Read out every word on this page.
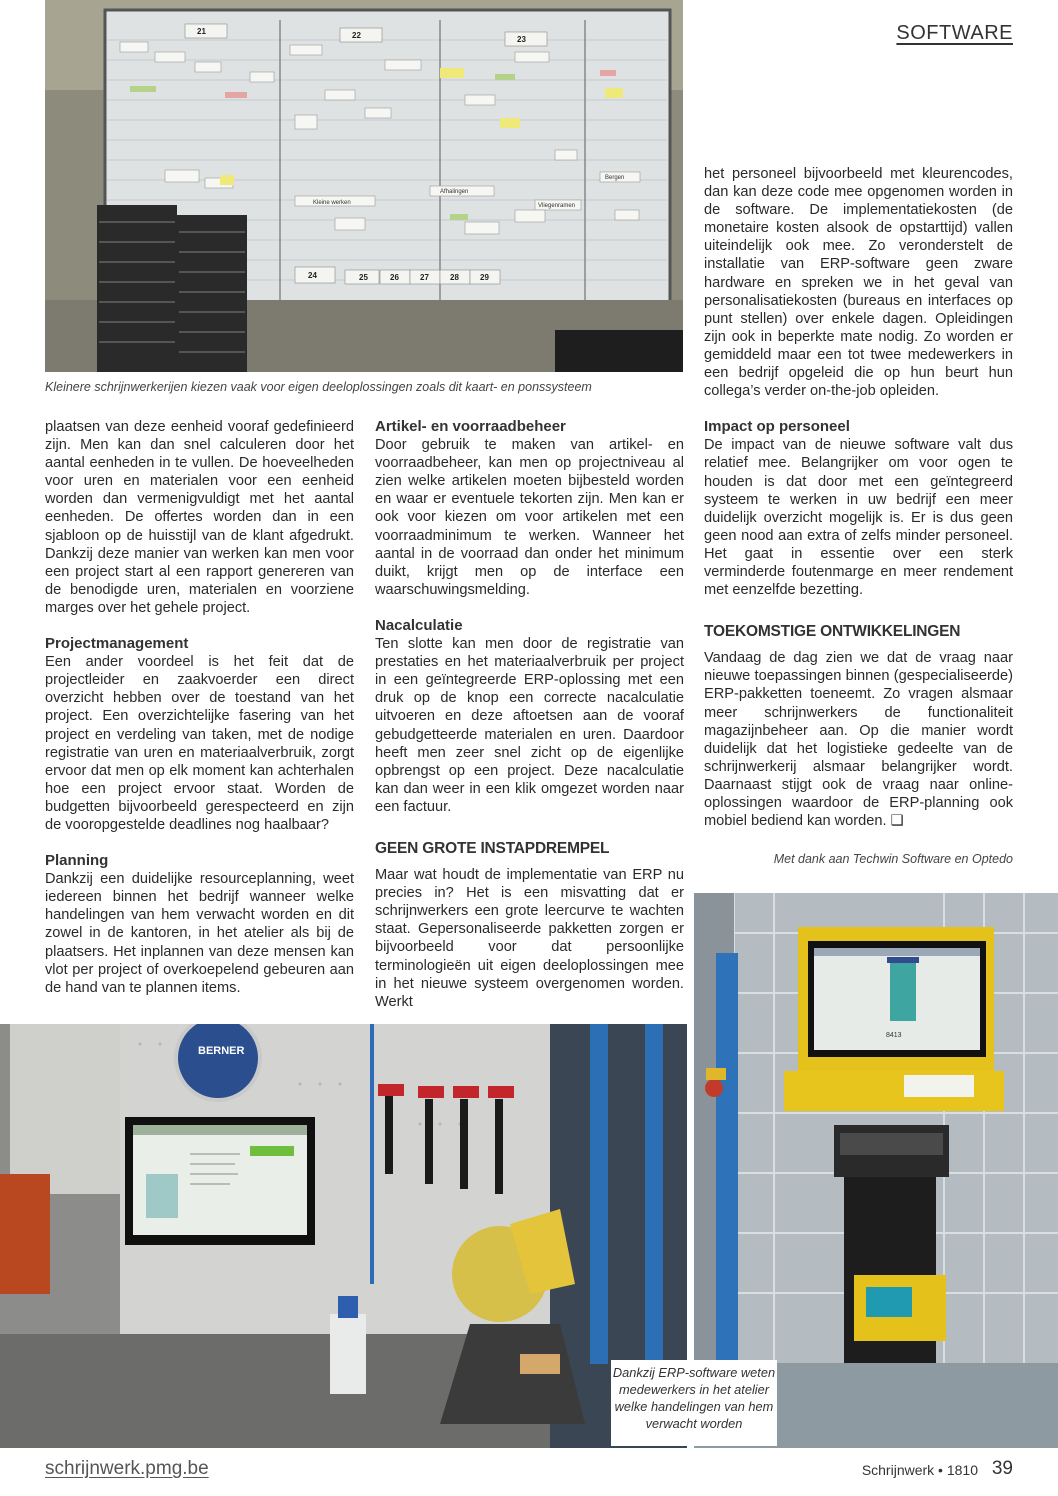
SOFTWARE
21	22	23
24	25	26	27	28	29
Kleine werken
Afhalingen
Vliegenramen
Bergen
Kleinere schrijnwerkerijen kiezen vaak voor eigen deeloplossingen zoals dit kaart- en ponssysteem

plaatsen van deze eenheid vooraf gedefinieerd zijn. Men kan dan snel calculeren door het aantal eenheden in te vullen. De hoeveelheden voor uren en materialen voor een eenheid worden dan vermenigvuldigt met het aantal eenheden. De offertes worden dan in een sjabloon op de huisstijl van de klant afgedrukt. Dankzij deze manier van werken kan men voor een project start al een rapport genereren van de benodigde uren, materialen en voorziene marges over het gehele project.

Projectmanagement

Een ander voordeel is het feit dat de projectleider en zaakvoerder een direct overzicht hebben over de toestand van het project. Een overzichtelijke fasering van het project en verdeling van taken, met de nodige registratie van uren en materiaalverbruik, zorgt ervoor dat men op elk moment kan achterhalen hoe een project ervoor staat. Worden de budgetten bijvoorbeeld gerespecteerd en zijn de vooropgestelde deadlines nog haalbaar?

Planning

Dankzij een duidelijke resourceplanning, weet iedereen binnen het bedrijf wanneer welke handelingen van hem verwacht worden en dit zowel in de kantoren, in het atelier als bij de plaatsers. Het inplannen van deze mensen kan vlot per project of overkoepelend gebeuren aan de hand van te plannen items.

Artikel- en voorraadbeheer

Door gebruik te maken van artikel- en voorraadbeheer, kan men op projectniveau al zien welke artikelen moeten bijbesteld worden en waar er eventuele tekorten zijn. Men kan er ook voor kiezen om voor artikelen met een voorraadminimum te werken. Wanneer het aantal in de voorraad dan onder het minimum duikt, krijgt men op de interface een waarschuwingsmelding.

Nacalculatie

Ten slotte kan men door de registratie van prestaties en het materiaalverbruik per project in een geïntegreerde ERP-oplossing met een druk op de knop een correcte nacalculatie uitvoeren en deze aftoetsen aan de vooraf gebudgetteerde materialen en uren. Daardoor heeft men zeer snel zicht op de eigenlijke opbrengst op een project. Deze nacalculatie kan dan weer in een klik omgezet worden naar een factuur.

GEEN GROTE INSTAPDREMPEL

Maar wat houdt de implementatie van ERP nu precies in? Het is een misvatting dat er schrijnwerkers een grote leercurve te wachten staat. Gepersonaliseerde pakketten zorgen er bijvoorbeeld voor dat persoonlijke terminologieën uit eigen deeloplossingen mee in het nieuwe systeem overgenomen worden. Werkt

het personeel bijvoorbeeld met kleurencodes, dan kan deze code mee opgenomen worden in de software. De implementatiekosten (de monetaire kosten alsook de opstarttijd) vallen uiteindelijk ook mee. Zo veronderstelt de installatie van ERP-software geen zware hardware en spreken we in het geval van personalisatiekosten (bureaus en interfaces op punt stellen) over enkele dagen. Opleidingen zijn ook in beperkte mate nodig. Zo worden er gemiddeld maar een tot twee medewerkers in een bedrijf opgeleid die op hun beurt hun collega’s verder on-the-job opleiden.

Impact op personeel

De impact van de nieuwe software valt dus relatief mee. Belangrijker om voor ogen te houden is dat door met een geïntegreerd systeem te werken in uw bedrijf een meer duidelijk overzicht mogelijk is. Er is dus geen geen nood aan extra of zelfs minder personeel. Het gaat in essentie over een sterk verminderde foutenmarge en meer rendement met eenzelfde bezetting.

TOEKOMSTIGE ONTWIKKELINGEN

Vandaag de dag zien we dat de vraag naar nieuwe toepassingen binnen (gespecialiseerde) ERP-pakketten toeneemt. Zo vragen alsmaar meer schrijnwerkers de functionaliteit magazijnbeheer aan. Op die manier wordt duidelijk dat het logistieke gedeelte van de schrijnwerkerij alsmaar belangrijker wordt. Daarnaast stijgt ook de vraag naar online-oplossingen waardoor de ERP-planning ook mobiel bediend kan worden. ❑

Met dank aan Techwin Software en Optedo
BERNER
8413
Dankzij ERP-software weten medewerkers in het atelier welke handelingen van hem verwacht worden
schrijnwerk.pmg.be	Schrijnwerk • 1810 39
